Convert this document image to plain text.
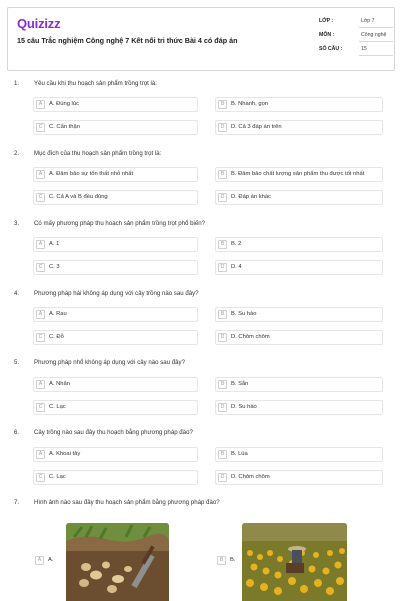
Quizizz
15 câu Trắc nghiệm Công nghệ 7 Kết nối tri thức Bài 4 có đáp án
LỚP :	Lớp 7
MÔN :	Công nghệ
SỐ CÂU :	15
1. Yêu cầu khi thu hoạch sản phẩm trồng trọt là:
A	A. Đúng lúc	B	B. Nhanh, gọn
C	C. Cẩn thận	D	D. Cả 3 đáp án trên
2. Mục đích của thu hoạch sản phẩm trồng trọt là:
A	A. Đảm bảo sự tổn thất nhỏ nhất	B	B. Đảm bảo chất lượng sản phẩm thu được tốt nhất
C	C. Cả A và B đều đúng	D	D. Đáp án khác
3. Có mấy phương pháp thu hoạch sản phẩm trồng trọt phổ biến?
A	A. 1	B	B. 2
C	C. 3	D	D. 4
4. Phương pháp hái không áp dụng với cây trồng nào sau đây?
A	A. Rau	B	B. Su hào
C	C. Đỗ	D	D. Chôm chôm
5. Phương pháp nhổ không áp dụng với cây nào sau đây?
A	A. Nhãn	B	B. Sắn
C	C. Lạc	D	D. Su hào
6. Cây trồng nào sau đây thu hoạch bằng phương pháp đào?
A	A. Khoai tây	B	B. Lúa
C	C. Lạc	D	D. Chôm chôm
7. Hình ảnh nào sau đây thu hoạch sản phẩm bằng phương pháp đào?
A	A.	B	B.
